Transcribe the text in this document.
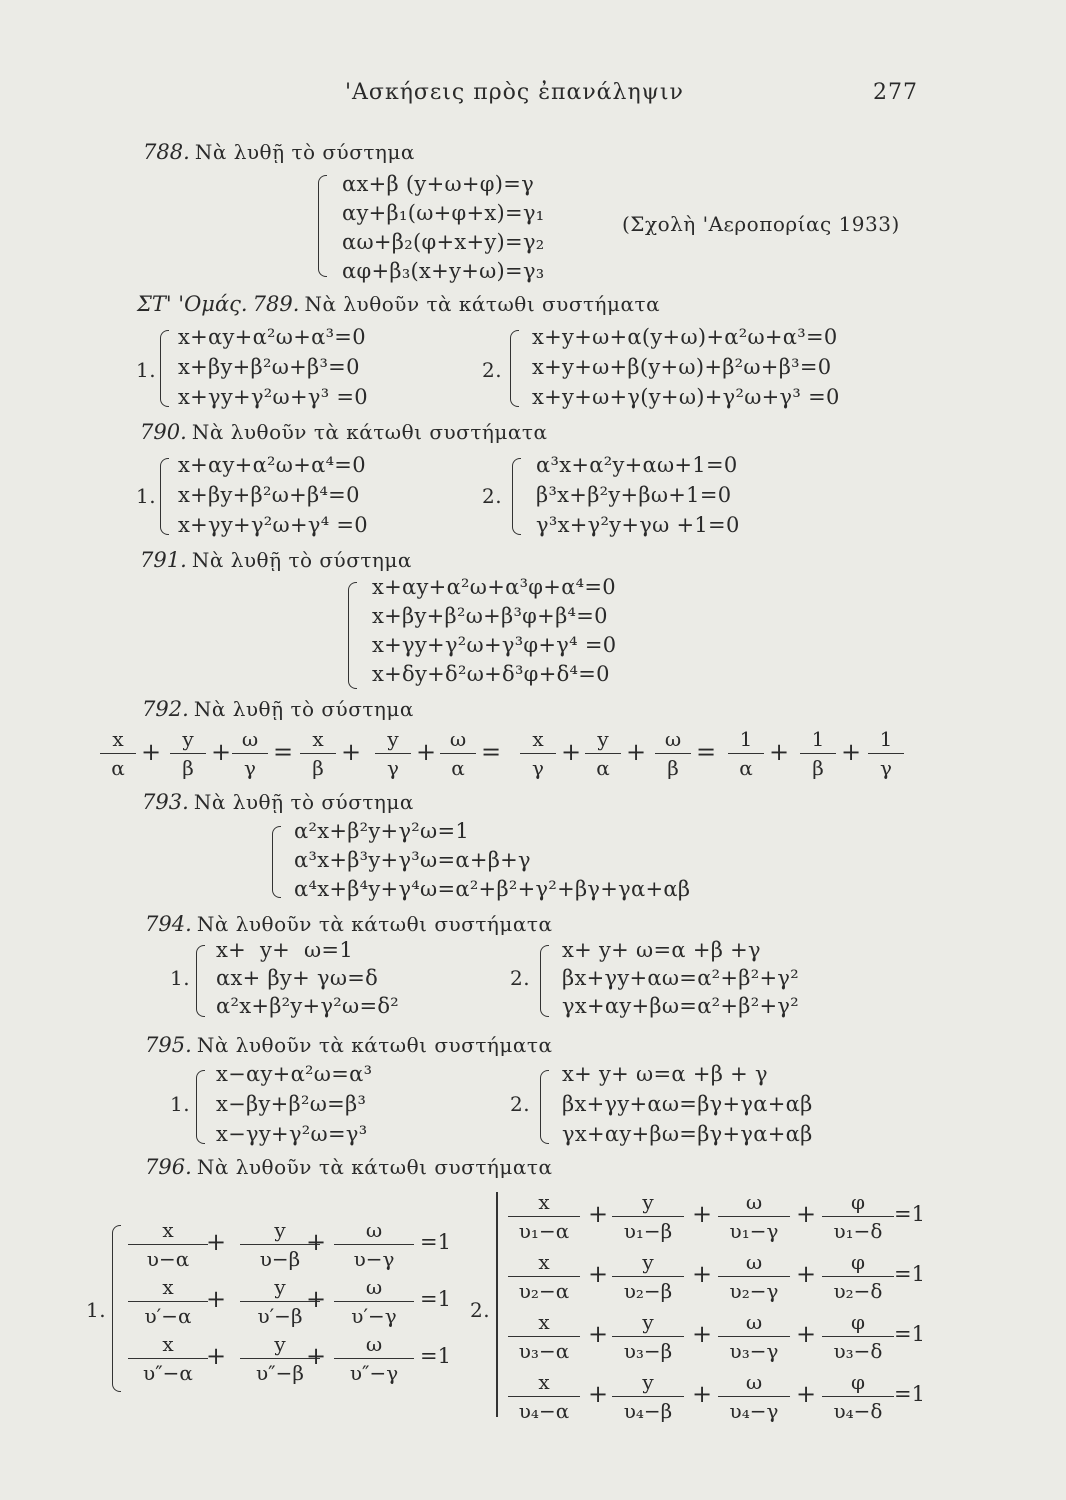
'Ασκήσεις πρὸς ἐπανάληψιν	277
788. Νὰ λυθῇ τὸ σύστημα
αx+β (y+ω+φ)=γ
αy+β₁(ω+φ+x)=γ₁
αω+β₂(φ+x+y)=γ₂
αφ+β₃(x+y+ω)=γ₃
(Σχολὴ 'Αεροπορίας 1933)
ΣΤ' 'Ομάς. 789. Νὰ λυθοῦν τὰ κάτωθι συστήματα
1.
x+αy+α²ω+α³=0
x+βy+β²ω+β³=0
x+γy+γ²ω+γ³ =0
2.
x+y+ω+α(y+ω)+α²ω+α³=0
x+y+ω+β(y+ω)+β²ω+β³=0
x+y+ω+γ(y+ω)+γ²ω+γ³ =0
790. Νὰ λυθοῦν τὰ κάτωθι συστήματα
1.
x+αy+α²ω+α⁴=0
x+βy+β²ω+β⁴=0
x+γy+γ²ω+γ⁴ =0
2.
α³x+α²y+αω+1=0
β³x+β²y+βω+1=0
γ³x+γ²y+γω +1=0
791. Νὰ λυθῇ τὸ σύστημα
x+αy+α²ω+α³φ+α⁴=0
x+βy+β²ω+β³φ+β⁴=0
x+γy+γ²ω+γ³φ+γ⁴ =0
x+δy+δ²ω+δ³φ+δ⁴=0
792. Νὰ λυθῇ τὸ σύστημα
$\frac{x}{\alpha} \frac{y}{\beta} \frac{\omega}{\gamma} \frac{x}{\beta} \frac{y}{\gamma} \frac{\omega}{\alpha} \frac{x}{\gamma} \frac{y}{\alpha} \frac{\omega}{\beta} \frac{1}{\alpha} \frac{1}{\beta} \frac{1}{\gamma}$
+ + = + + = + + = + +
793. Νὰ λυθῇ τὸ σύστημα
α²x+β²y+γ²ω=1
α³x+β³y+γ³ω=α+β+γ
α⁴x+β⁴y+γ⁴ω=α²+β²+γ²+βγ+γα+αβ
794. Νὰ λυθοῦν τὰ κάτωθι συστήματα
1.
x+  y+  ω=1
αx+ βy+ γω=δ
α²x+β²y+γ²ω=δ²
2.
x+ y+ ω=α +β +γ
βx+γy+αω=α²+β²+γ²
γx+αy+βω=α²+β²+γ²
795. Νὰ λυθοῦν τὰ κάτωθι συστήματα
1.
x−αy+α²ω=α³
x−βy+β²ω=β³
x−γy+γ²ω=γ³
2.
x+ y+ ω=α +β + γ
βx+γy+αω=βγ+γα+αβ
γx+αy+βω=βγ+γα+αβ
796. Νὰ λυθοῦν τὰ κάτωθι συστήματα
1.	2.
$\frac{x}{\upsilon-\alpha} \frac{y}{\upsilon-\beta} \frac{\omega}{\upsilon-\gamma}$
+	+	=1
$\frac{x}{\upsilon'-\alpha} \frac{y}{\upsilon'-\beta} \frac{\omega}{\upsilon'-\gamma}$
+	+	=1
$\frac{x}{\upsilon''-\alpha} \frac{y}{\upsilon''-\beta} \frac{\omega}{\upsilon''-\gamma}$
+	+	=1
$\frac{x}{\text{υ₁−α}} \frac{y}{\text{υ₁−β}} \frac{\omega}{\text{υ₁−γ}} \frac{\varphi}{\text{υ₁−δ}}$
+	+	+	=1
$\frac{x}{\text{υ₂−α}} \frac{y}{\text{υ₂−β}} \frac{\omega}{\text{υ₂−γ}} \frac{\varphi}{\text{υ₂−δ}}$
+	+	+	=1
$\frac{x}{\text{υ₃−α}} \frac{y}{\text{υ₃−β}} \frac{\omega}{\text{υ₃−γ}} \frac{\varphi}{\text{υ₃−δ}}$
+	+	+	=1
$\frac{x}{\text{υ₄−α}} \frac{y}{\text{υ₄−β}} \frac{\omega}{\text{υ₄−γ}} \frac{\varphi}{\text{υ₄−δ}}$
+	+	+	=1
